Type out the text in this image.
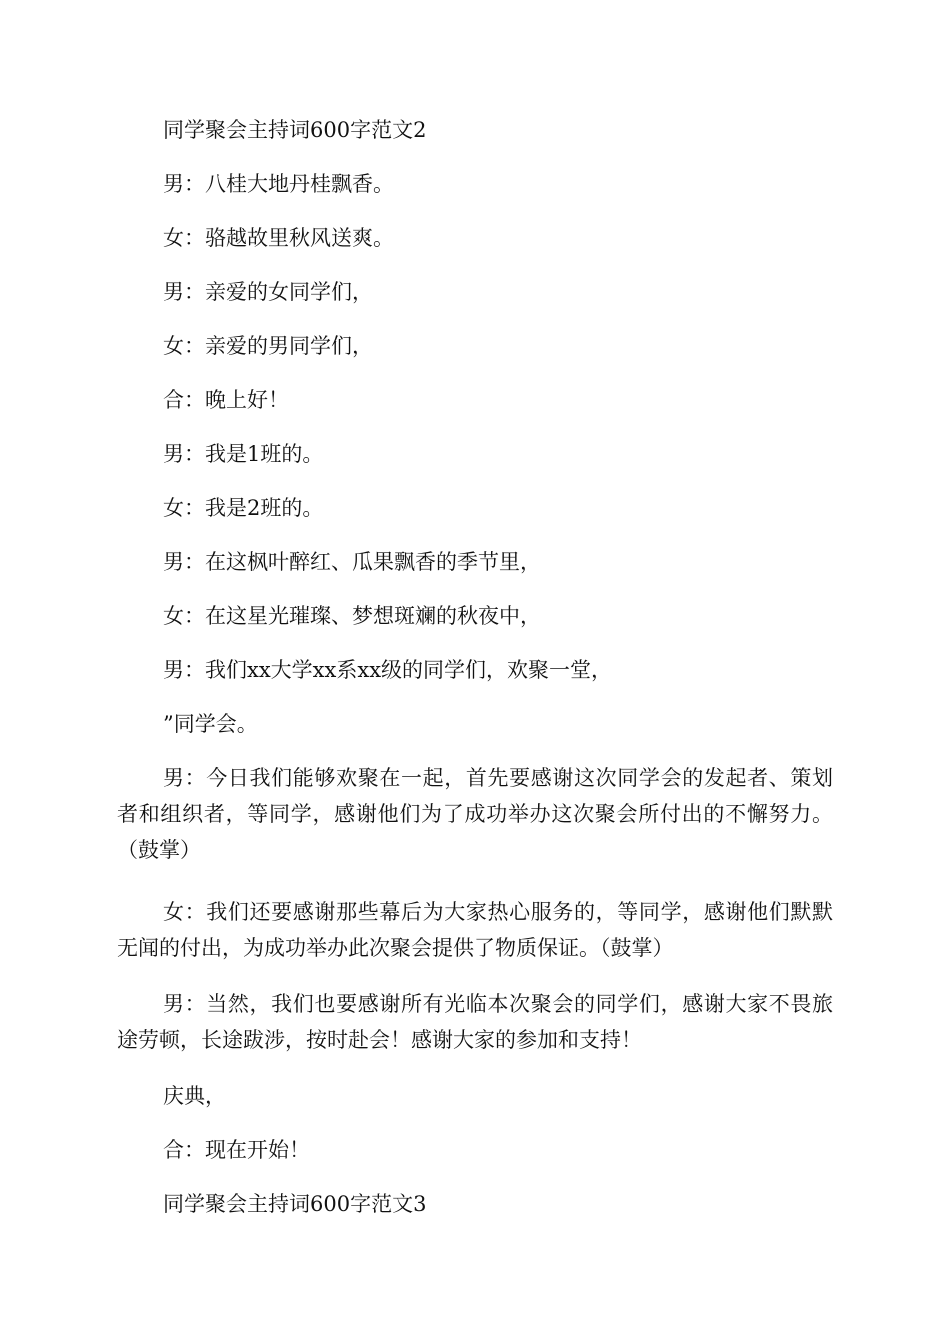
同学聚会主持词600字范文2
男：八桂大地丹桂飘香。
女：骆越故里秋风送爽。
男：亲爱的女同学们，
女：亲爱的男同学们，
合：晚上好！
男：我是1班的。
女：我是2班的。
男：在这枫叶醉红、瓜果飘香的季节里，
女：在这星光璀璨、梦想斑斓的秋夜中，
男：我们xx大学xx系xx级的同学们，欢聚一堂，
”同学会。
男：今日我们能够欢聚在一起，首先要感谢这次同学会的发起者、策划者和组织者，等同学，感谢他们为了成功举办这次聚会所付出的不懈努力。（鼓掌）
女：我们还要感谢那些幕后为大家热心服务的，等同学，感谢他们默默无闻的付出，为成功举办此次聚会提供了物质保证。（鼓掌）
男：当然，我们也要感谢所有光临本次聚会的同学们，感谢大家不畏旅途劳顿，长途跋涉，按时赴会！感谢大家的参加和支持！
庆典，
合：现在开始！
同学聚会主持词600字范文3
